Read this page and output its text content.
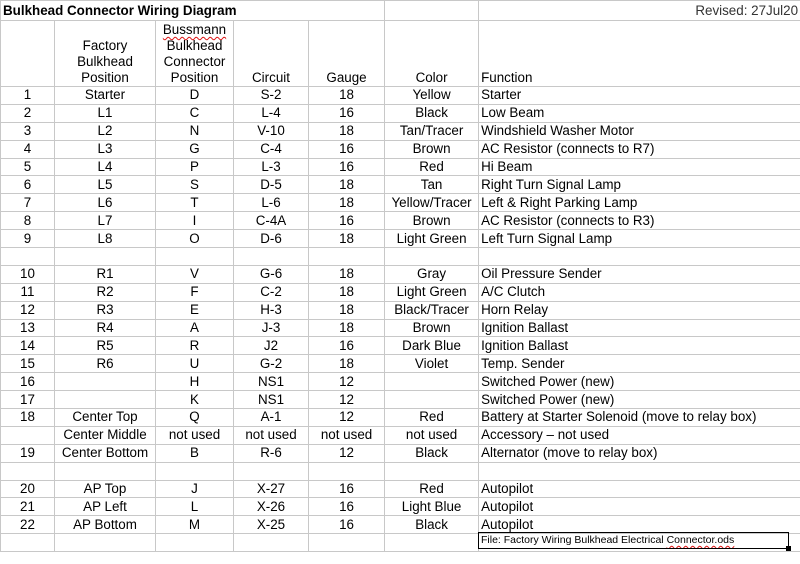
Bulkhead Connector Wiring Diagram						Revised: 27Jul20
	Factory
Bulkhead
Position	Bussmann
Bulkhead
Connector
Position	Circuit	Gauge	Color	Function
1	Starter	D	S-2	18	Yellow	Starter
2	L1	C	L-4	16	Black	Low Beam
3	L2	N	V-10	18	Tan/Tracer	Windshield Washer Motor
4	L3	G	C-4	16	Brown	AC Resistor (connects to R7)
5	L4	P	L-3	16	Red	Hi Beam
6	L5	S	D-5	18	Tan	Right Turn Signal Lamp
7	L6	T	L-6	18	Yellow/Tracer	Left & Right Parking Lamp
8	L7	I	C-4A	16	Brown	AC Resistor (connects to R3)
9	L8	O	D-6	18	Light Green	Left Turn Signal Lamp

10	R1	V	G-6	18	Gray	Oil Pressure Sender
11	R2	F	C-2	18	Light Green	A/C Clutch
12	R3	E	H-3	18	Black/Tracer	Horn Relay
13	R4	A	J-3	18	Brown	Ignition Ballast
14	R5	R	J2	16	Dark Blue	Ignition Ballast
15	R6	U	G-2	18	Violet	Temp. Sender
16		H	NS1	12		Switched Power (new)
17		K	NS1	12		Switched Power (new)
18	Center Top	Q	A-1	12	Red	Battery at Starter Solenoid (move to relay box)
	Center Middle	not used	not used	not used	not used	Accessory – not used
19	Center Bottom	B	R-6	12	Black	Alternator (move to relay box)

20	AP Top	J	X-27	16	Red	Autopilot
21	AP Left	L	X-26	16	Light Blue	Autopilot
22	AP Bottom	M	X-25	16	Black	Autopilot

File: Factory Wiring Bulkhead Electrical Connector.ods
